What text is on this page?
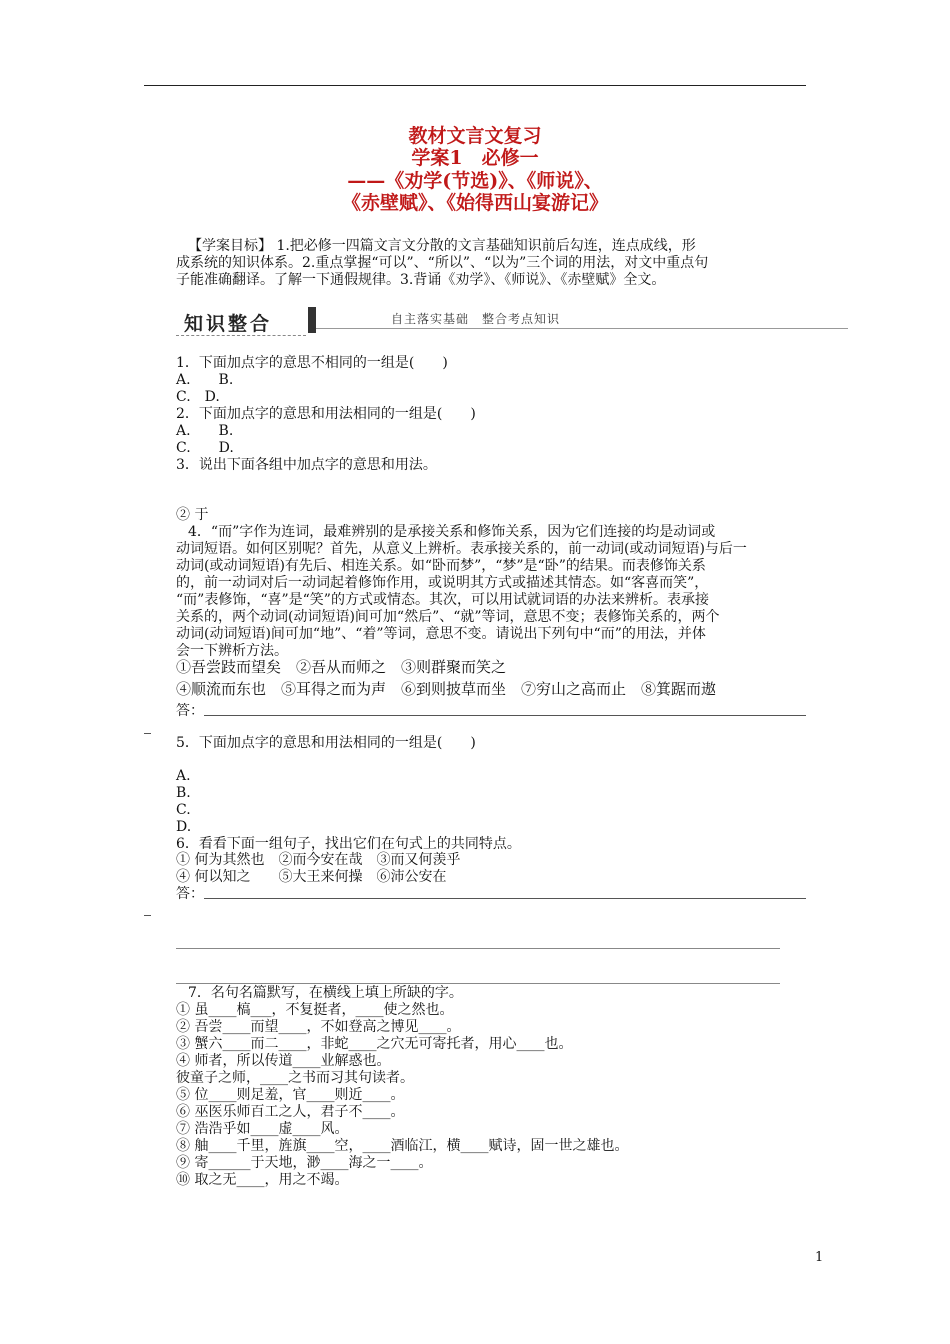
教材文言文复习
学案1　必修一
——《劝学(节选)》、《师说》、
《赤壁赋》、《始得西山宴游记》
【学案目标】 1.把必修一四篇文言文分散的文言基础知识前后勾连，连点成线，形
成系统的知识体系。2.重点掌握“可以”、“所以”、“以为”三个词的用法，对文中重点句
子能准确翻译。了解一下通假规律。3.背诵《劝学》、《师说》、《赤壁赋》全文。
知识整合	自主落实基础　整合考点知识
1．下面加点字的意思不相同的一组是(　　)
A.　　B.
C.　D.
2．下面加点字的意思和用法相同的一组是(　　)
A.　　B.
C.　　D.
3．说出下面各组中加点字的意思和用法。
② 于
4．“而”字作为连词，最难辨别的是承接关系和修饰关系，因为它们连接的均是动词或
动词短语。如何区别呢？首先，从意义上辨析。表承接关系的，前一动词(或动词短语)与后一
动词(或动词短语)有先后、相连关系。如“卧而梦”，“梦”是“卧”的结果。而表修饰关系
的，前一动词对后一动词起着修饰作用，或说明其方式或描述其情态。如“客喜而笑”，
“而”表修饰，“喜”是“笑”的方式或情态。其次，可以用试就词语的办法来辨析。表承接
关系的，两个动词(动词短语)间可加“然后”、“就”等词，意思不变；表修饰关系的，两个
动词(动词短语)间可加“地”、“着”等词，意思不变。请说出下列句中“而”的用法，并体
会一下辨析方法。
①吾尝跂而望矣　②吾从而师之　③则群聚而笑之
④顺流而东也　⑤耳得之而为声　⑥到则披草而坐　⑦穷山之高而止　⑧箕踞而遨
答：
5．下面加点字的意思和用法相同的一组是(　　)
A.
B.
C.
D.
6．看看下面一组句子，找出它们在句式上的共同特点。
① 何为其然也　②而今安在哉　③而又何羡乎
④ 何以知之　　⑤大王来何操　⑥沛公安在
答：
7．名句名篇默写，在横线上填上所缺的字。
① 虽____槁___，不复挺者，____使之然也。
② 吾尝____而望____，不如登高之博见____。
③ 蟹六____而二____，非蛇____之穴无可寄托者，用心____也。
④ 师者，所以传道____业解惑也。
彼童子之师，____之书而习其句读者。
⑤ 位____则足羞，官____则近____。
⑥ 巫医乐师百工之人，君子不____。
⑦ 浩浩乎如____虚____风。
⑧ 舳____千里，旌旗____空，____酒临江，横____赋诗，固一世之雄也。
⑨ 寄______于天地，渺____海之一____。
⑩ 取之无____，用之不竭。
1
